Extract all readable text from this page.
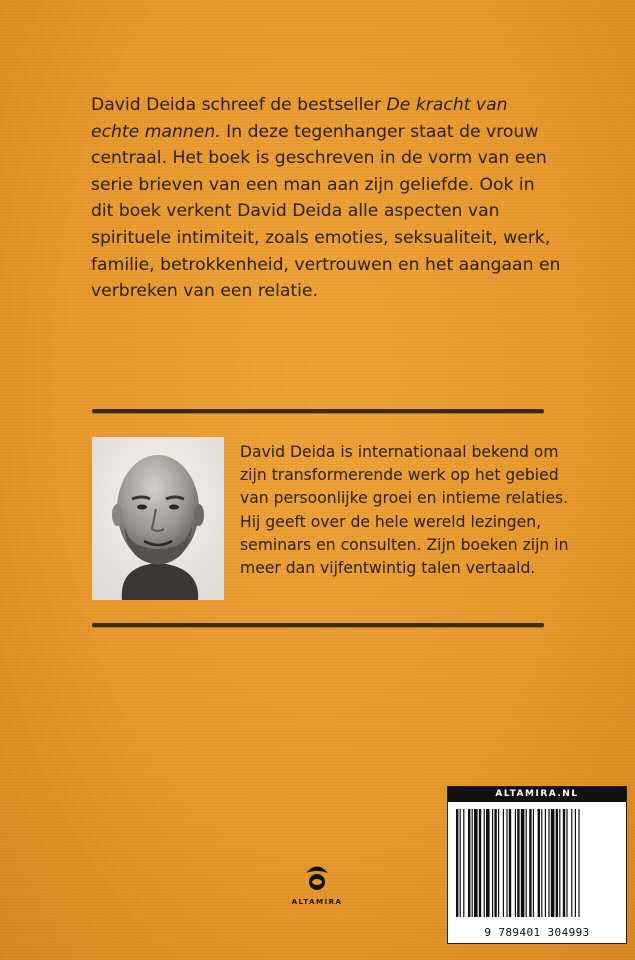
David Deida schreef de bestseller De kracht van echte mannen. In deze tegenhanger staat de vrouw centraal. Het boek is geschreven in de vorm van een serie brieven van een man aan zijn geliefde. Ook in dit boek verkent David Deida alle aspecten van spirituele intimiteit, zoals emoties, seksualiteit, werk, familie, betrokkenheid, vertrouwen en het aangaan en verbreken van een relatie.

David Deida is internationaal bekend om zijn transformerende werk op het gebied van persoonlijke groei en intieme relaties. Hij geeft over de hele wereld lezingen, seminars en consulten. Zijn boeken zijn in meer dan vijfentwintig talen vertaald.

ALTAMIRA
ALTAMIRA.NL
9 789401 304993
